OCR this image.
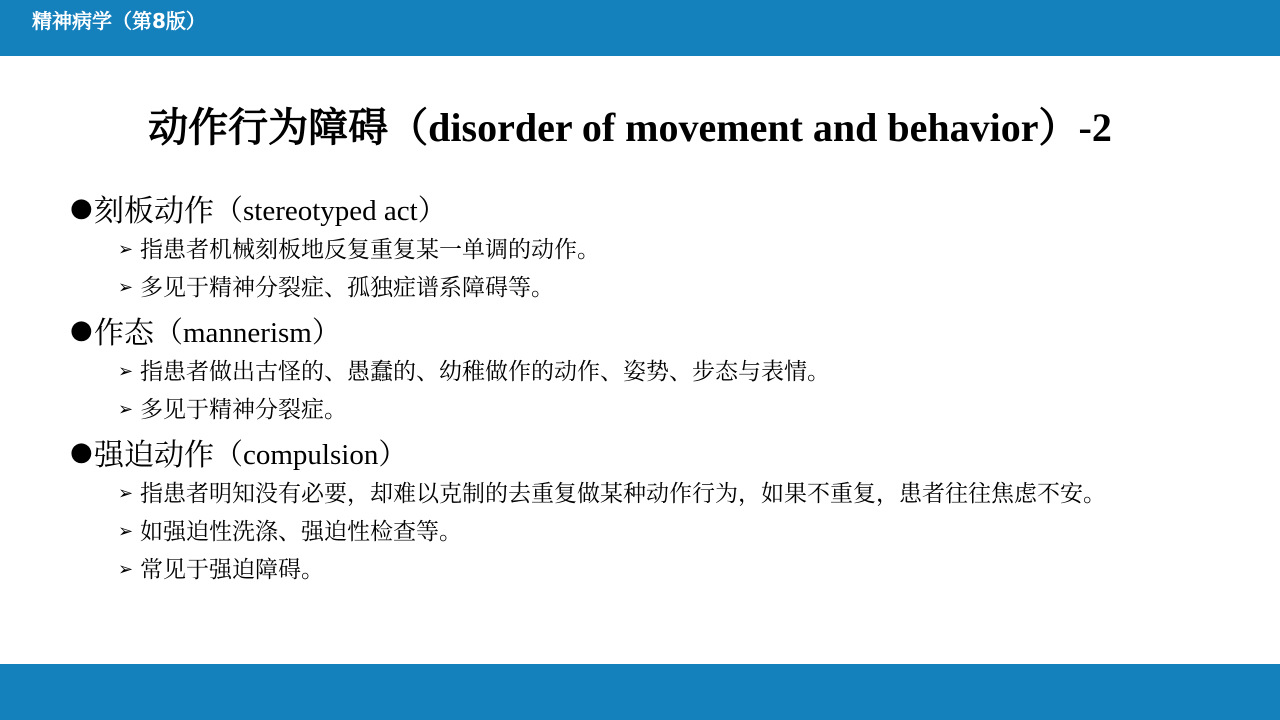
精神病学（第8版）
动作行为障碍（disorder of movement and behavior）-2
● 刻板动作 （stereotyped act）
➢ 指患者机械刻板地反复重复某一单调的动作。
➢ 多见于精神分裂症、孤独症谱系障碍等。
● 作态 （mannerism）
➢ 指患者做出古怪的、愚蠢的、幼稚做作的动作、姿势、步态与表情。
➢ 多见于精神分裂症。
● 强迫动作 （compulsion）
➢ 指患者明知没有必要，却难以克制的去重复做某种动作行为，如果不重复，患者往往焦虑不安。
➢ 如强迫性洗涤、强迫性检查等。
➢ 常见于强迫障碍。
